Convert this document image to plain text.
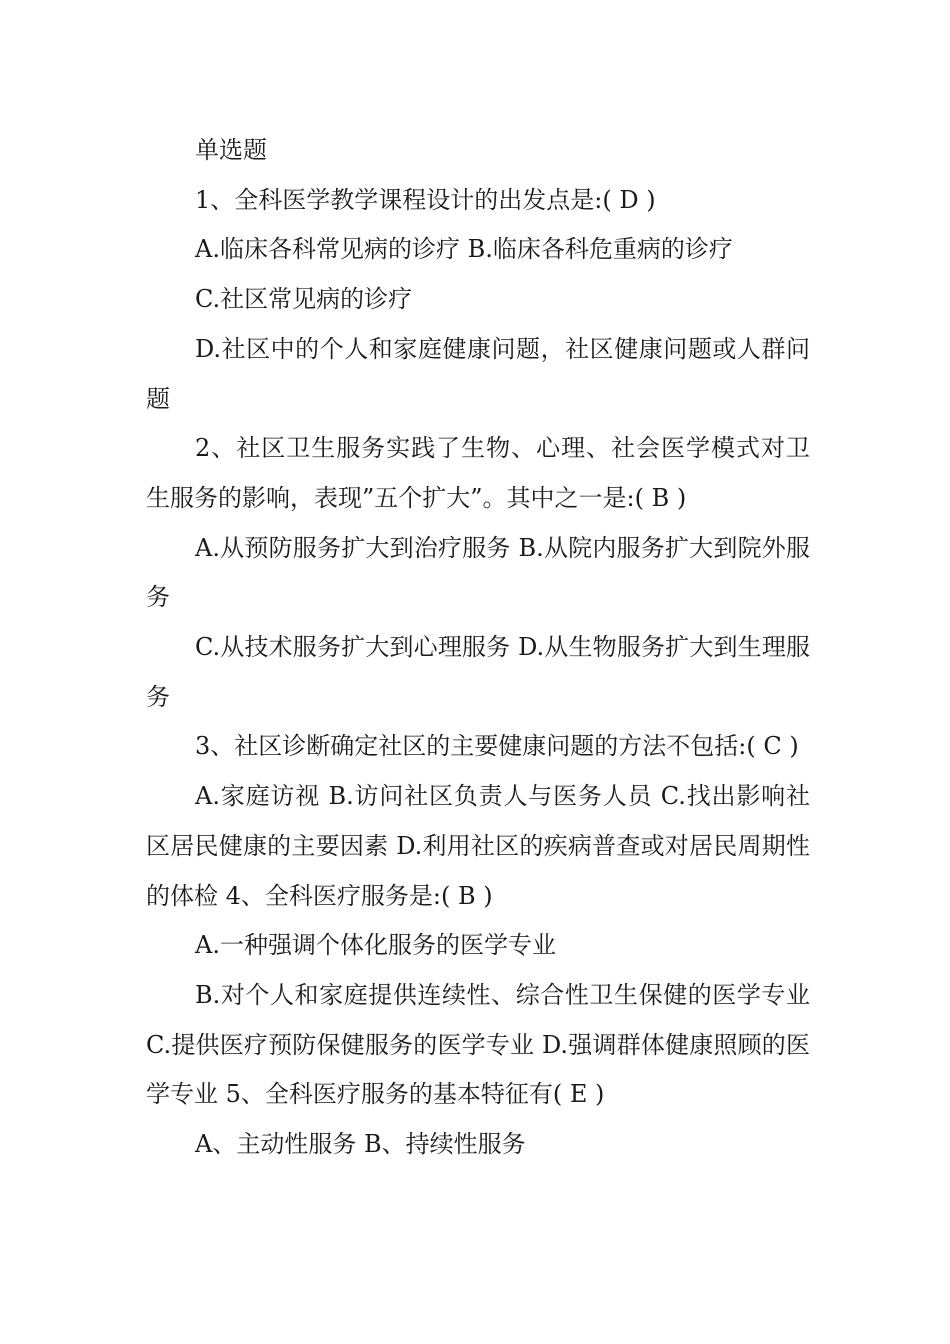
单选题

1、全科医学教学课程设计的出发点是:( D )

A.临床各科常见病的诊疗 B.临床各科危重病的诊疗

C.社区常见病的诊疗

D.社区中的个人和家庭健康问题，社区健康问题或人群问题

2、社区卫生服务实践了生物、心理、社会医学模式对卫生服务的影响，表现”五个扩大”。其中之一是:( B )

A.从预防服务扩大到治疗服务 B.从院内服务扩大到院外服务

C.从技术服务扩大到心理服务 D.从生物服务扩大到生理服务

3、社区诊断确定社区的主要健康问题的方法不包括:( C )

A.家庭访视 B.访问社区负责人与医务人员 C.找出影响社区居民健康的主要因素 D.利用社区的疾病普查或对居民周期性的体检 4、全科医疗服务是:( B )

A.一种强调个体化服务的医学专业

B.对个人和家庭提供连续性、综合性卫生保健的医学专业 C.提供医疗预防保健服务的医学专业 D.强调群体健康照顾的医学专业 5、全科医疗服务的基本特征有( E )

A、主动性服务 B、持续性服务
